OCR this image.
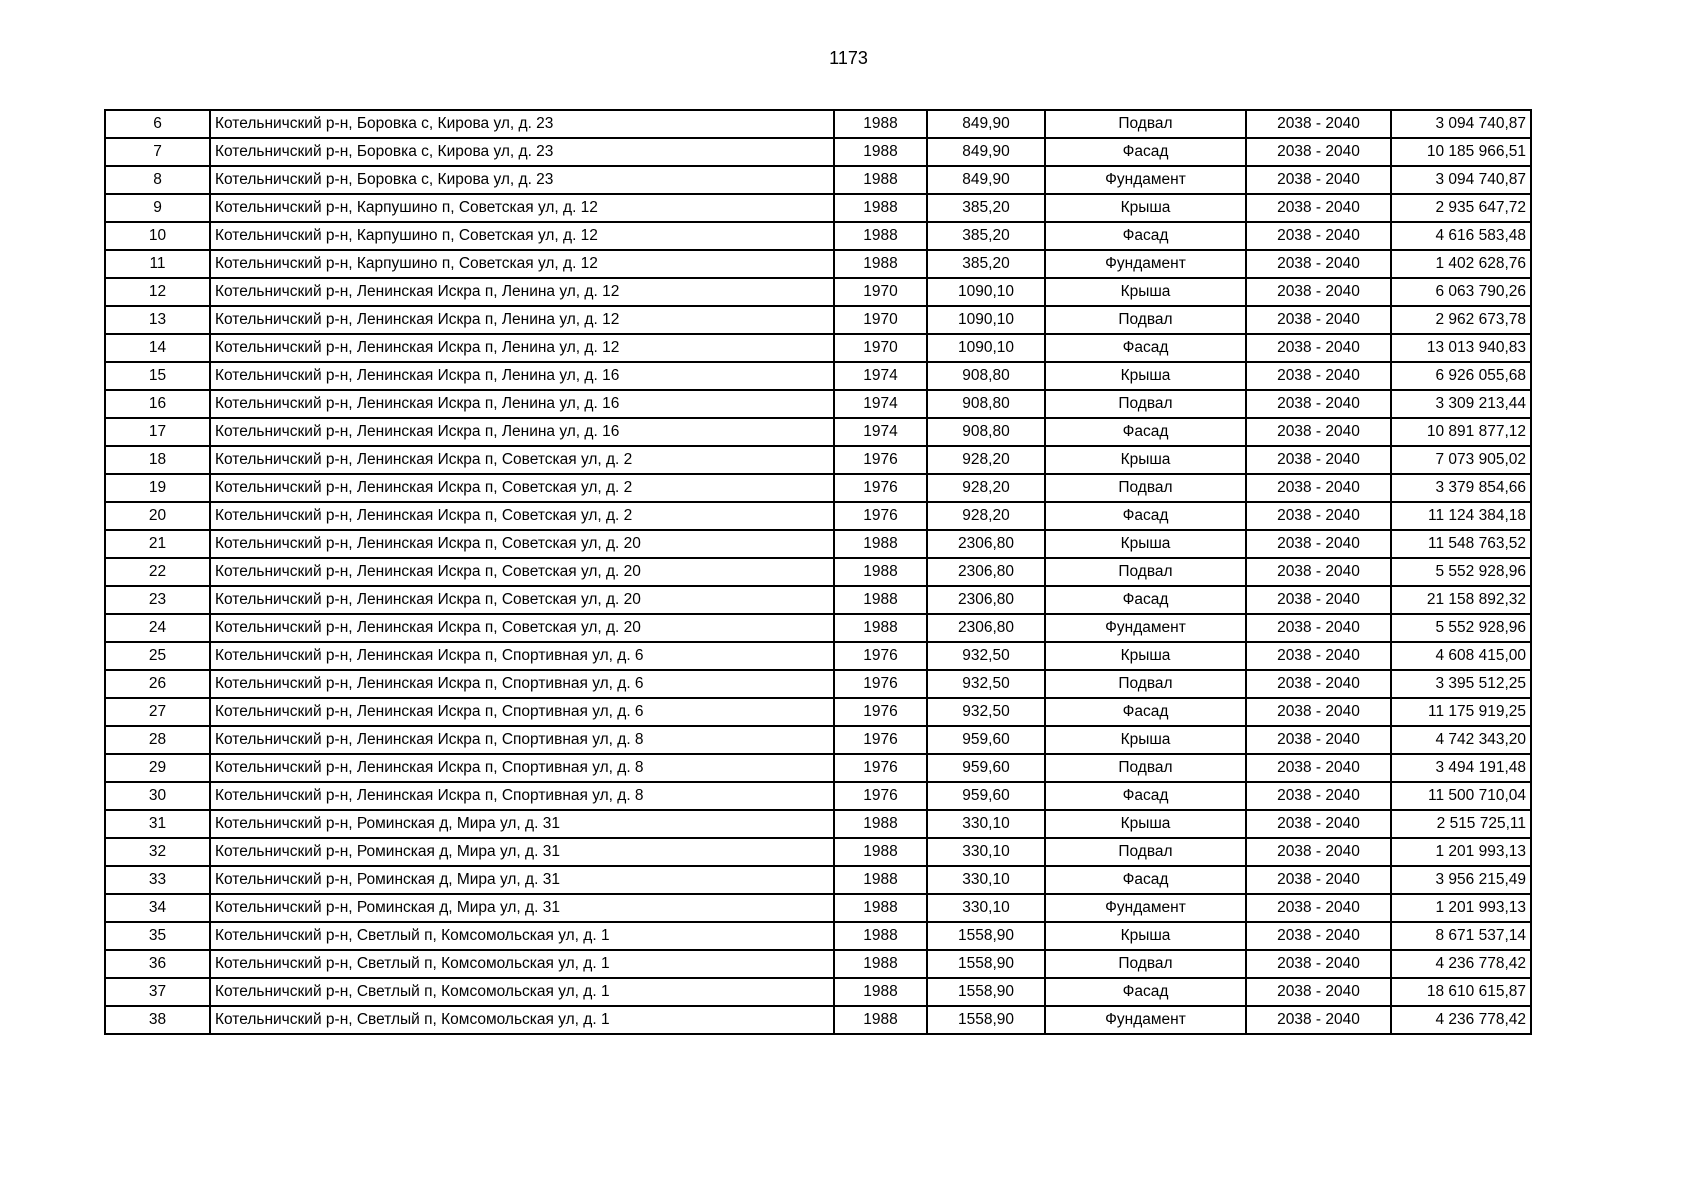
1173
6	Котельничский р-н, Боровка с, Кирова ул, д. 23	1988	849,90	Подвал	2038 - 2040	3 094 740,87
7	Котельничский р-н, Боровка с, Кирова ул, д. 23	1988	849,90	Фасад	2038 - 2040	10 185 966,51
8	Котельничский р-н, Боровка с, Кирова ул, д. 23	1988	849,90	Фундамент	2038 - 2040	3 094 740,87
9	Котельничский р-н, Карпушино п, Советская ул, д. 12	1988	385,20	Крыша	2038 - 2040	2 935 647,72
10	Котельничский р-н, Карпушино п, Советская ул, д. 12	1988	385,20	Фасад	2038 - 2040	4 616 583,48
11	Котельничский р-н, Карпушино п, Советская ул, д. 12	1988	385,20	Фундамент	2038 - 2040	1 402 628,76
12	Котельничский р-н, Ленинская Искра п, Ленина ул, д. 12	1970	1090,10	Крыша	2038 - 2040	6 063 790,26
13	Котельничский р-н, Ленинская Искра п, Ленина ул, д. 12	1970	1090,10	Подвал	2038 - 2040	2 962 673,78
14	Котельничский р-н, Ленинская Искра п, Ленина ул, д. 12	1970	1090,10	Фасад	2038 - 2040	13 013 940,83
15	Котельничский р-н, Ленинская Искра п, Ленина ул, д. 16	1974	908,80	Крыша	2038 - 2040	6 926 055,68
16	Котельничский р-н, Ленинская Искра п, Ленина ул, д. 16	1974	908,80	Подвал	2038 - 2040	3 309 213,44
17	Котельничский р-н, Ленинская Искра п, Ленина ул, д. 16	1974	908,80	Фасад	2038 - 2040	10 891 877,12
18	Котельничский р-н, Ленинская Искра п, Советская ул, д. 2	1976	928,20	Крыша	2038 - 2040	7 073 905,02
19	Котельничский р-н, Ленинская Искра п, Советская ул, д. 2	1976	928,20	Подвал	2038 - 2040	3 379 854,66
20	Котельничский р-н, Ленинская Искра п, Советская ул, д. 2	1976	928,20	Фасад	2038 - 2040	11 124 384,18
21	Котельничский р-н, Ленинская Искра п, Советская ул, д. 20	1988	2306,80	Крыша	2038 - 2040	11 548 763,52
22	Котельничский р-н, Ленинская Искра п, Советская ул, д. 20	1988	2306,80	Подвал	2038 - 2040	5 552 928,96
23	Котельничский р-н, Ленинская Искра п, Советская ул, д. 20	1988	2306,80	Фасад	2038 - 2040	21 158 892,32
24	Котельничский р-н, Ленинская Искра п, Советская ул, д. 20	1988	2306,80	Фундамент	2038 - 2040	5 552 928,96
25	Котельничский р-н, Ленинская Искра п, Спортивная ул, д. 6	1976	932,50	Крыша	2038 - 2040	4 608 415,00
26	Котельничский р-н, Ленинская Искра п, Спортивная ул, д. 6	1976	932,50	Подвал	2038 - 2040	3 395 512,25
27	Котельничский р-н, Ленинская Искра п, Спортивная ул, д. 6	1976	932,50	Фасад	2038 - 2040	11 175 919,25
28	Котельничский р-н, Ленинская Искра п, Спортивная ул, д. 8	1976	959,60	Крыша	2038 - 2040	4 742 343,20
29	Котельничский р-н, Ленинская Искра п, Спортивная ул, д. 8	1976	959,60	Подвал	2038 - 2040	3 494 191,48
30	Котельничский р-н, Ленинская Искра п, Спортивная ул, д. 8	1976	959,60	Фасад	2038 - 2040	11 500 710,04
31	Котельничский р-н, Роминская д, Мира ул, д. 31	1988	330,10	Крыша	2038 - 2040	2 515 725,11
32	Котельничский р-н, Роминская д, Мира ул, д. 31	1988	330,10	Подвал	2038 - 2040	1 201 993,13
33	Котельничский р-н, Роминская д, Мира ул, д. 31	1988	330,10	Фасад	2038 - 2040	3 956 215,49
34	Котельничский р-н, Роминская д, Мира ул, д. 31	1988	330,10	Фундамент	2038 - 2040	1 201 993,13
35	Котельничский р-н, Светлый п, Комсомольская ул, д. 1	1988	1558,90	Крыша	2038 - 2040	8 671 537,14
36	Котельничский р-н, Светлый п, Комсомольская ул, д. 1	1988	1558,90	Подвал	2038 - 2040	4 236 778,42
37	Котельничский р-н, Светлый п, Комсомольская ул, д. 1	1988	1558,90	Фасад	2038 - 2040	18 610 615,87
38	Котельничский р-н, Светлый п, Комсомольская ул, д. 1	1988	1558,90	Фундамент	2038 - 2040	4 236 778,42
